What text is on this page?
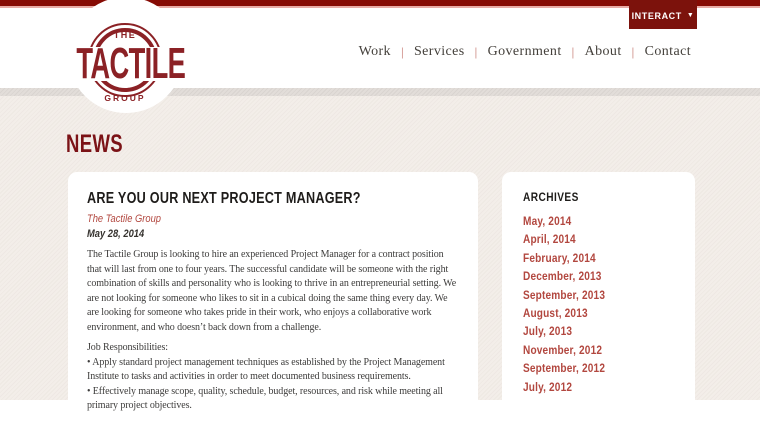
Work | Services | Government | About | Contact
INTERACT ▼
THE
TACTILE
GROUP
NEWS
ARE YOU OUR NEXT PROJECT MANAGER?
The Tactile Group
May 28, 2014

The Tactile Group is looking to hire an experienced Project Manager for a contract position that will last from one to four years. The successful candidate will be someone with the right combination of skills and personality who is looking to thrive in an entrepreneurial setting. We are not looking for someone who likes to sit in a cubical doing the same thing every day. We are looking for someone who takes pride in their work, who enjoys a collaborative work environment, and who doesn’t back down from a challenge.

Job Responsibilities:

• Apply standard project management techniques as established by the Project Management Institute to tasks and activities in order to meet documented business requirements.

• Effectively manage scope, quality, schedule, budget, resources, and risk while meeting all primary project objectives.

ARCHIVES
May, 2014
April, 2014
February, 2014
December, 2013
September, 2013
August, 2013
July, 2013
November, 2012
September, 2012
July, 2012
